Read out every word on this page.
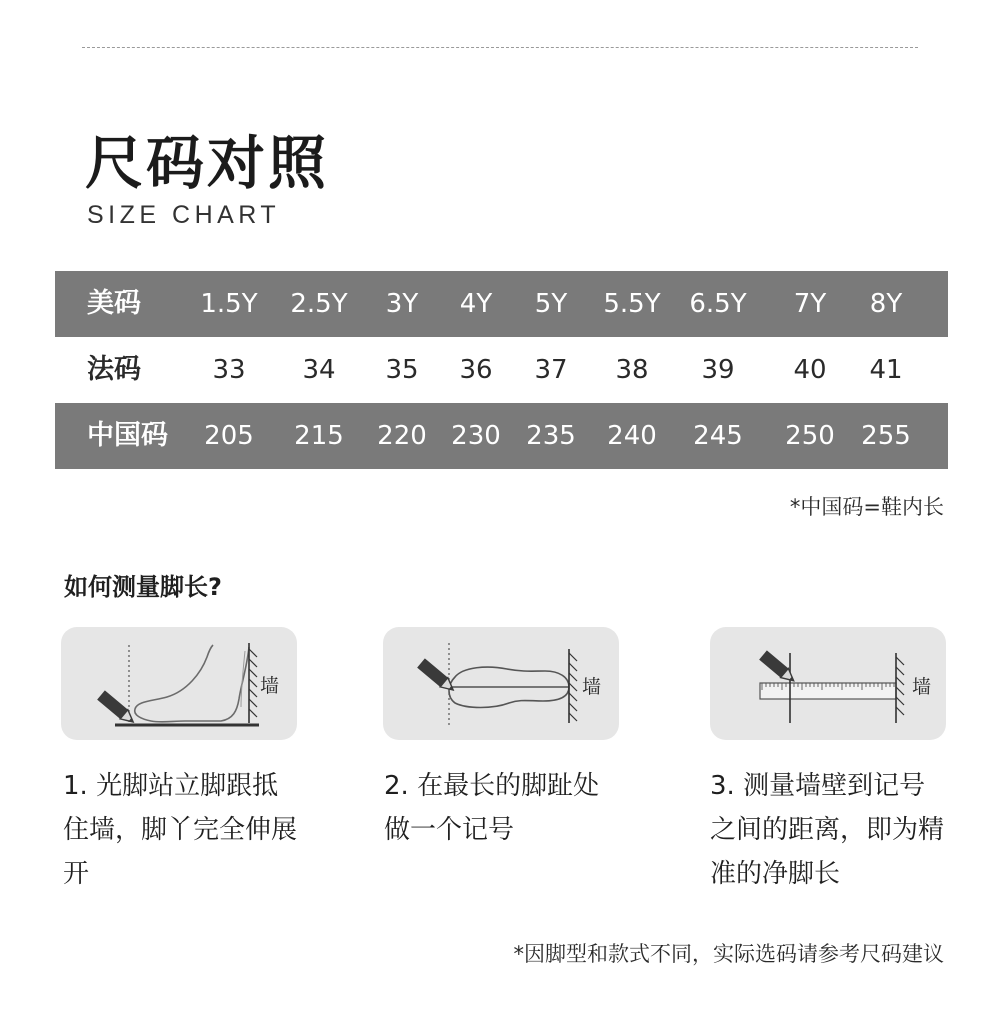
尺码对照
SIZE CHART
美码	1.5Y	2.5Y	3Y	4Y	5Y	5.5Y	6.5Y	7Y	8Y
法码	33	34	35	36	37	38	39	40	41
中国码	205	215	220 230 235	240	245	250	255
*中国码=鞋内长
如何测量脚长?
墙	墙	墙
1. 光脚站立脚跟抵住墙，脚丫完全伸展开
2. 在最长的脚趾处做一个记号
3. 测量墙壁到记号之间的距离，即为精准的净脚长
*因脚型和款式不同，实际选码请参考尺码建议
